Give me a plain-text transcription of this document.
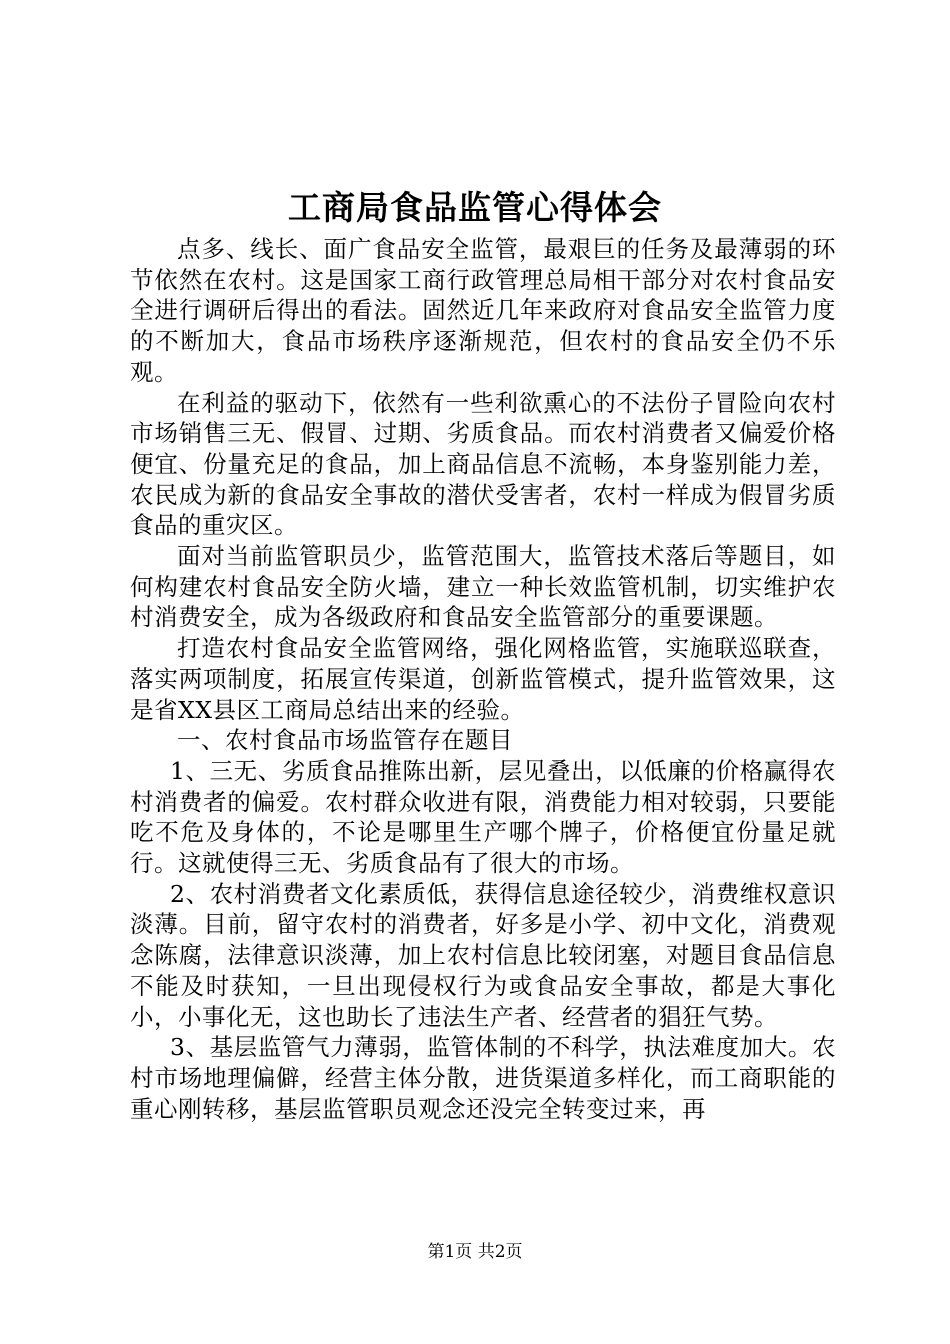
工商局食品监管心得体会

点多、线长、面广食品安全监管，最艰巨的任务及最薄弱的环节依然在农村。这是国家工商行政管理总局相干部分对农村食品安全进行调研后得出的看法。固然近几年来政府对食品安全监管力度的不断加大，食品市场秩序逐渐规范，但农村的食品安全仍不乐观。

在利益的驱动下，依然有一些利欲熏心的不法份子冒险向农村市场销售三无、假冒、过期、劣质食品。而农村消费者又偏爱价格便宜、份量充足的食品，加上商品信息不流畅，本身鉴别能力差，农民成为新的食品安全事故的潜伏受害者，农村一样成为假冒劣质食品的重灾区。

面对当前监管职员少，监管范围大，监管技术落后等题目，如何构建农村食品安全防火墙，建立一种长效监管机制，切实维护农村消费安全，成为各级政府和食品安全监管部分的重要课题。

打造农村食品安全监管网络，强化网格监管，实施联巡联查，落实两项制度，拓展宣传渠道，创新监管模式，提升监管效果，这是省XX县区工商局总结出来的经验。

一、农村食品市场监管存在题目

1、三无、劣质食品推陈出新，层见叠出，以低廉的价格赢得农村消费者的偏爱。农村群众收进有限，消费能力相对较弱，只要能吃不危及身体的，不论是哪里生产哪个牌子，价格便宜份量足就行。这就使得三无、劣质食品有了很大的市场。

2、农村消费者文化素质低，获得信息途径较少，消费维权意识淡薄。目前，留守农村的消费者，好多是小学、初中文化，消费观念陈腐，法律意识淡薄，加上农村信息比较闭塞，对题目食品信息不能及时获知，一旦出现侵权行为或食品安全事故，都是大事化小，小事化无，这也助长了违法生产者、经营者的猖狂气势。

3、基层监管气力薄弱，监管体制的不科学，执法难度加大。农村市场地理偏僻，经营主体分散，进货渠道多样化，而工商职能的重心刚转移，基层监管职员观念还没完全转变过来，再

第1页 共2页
